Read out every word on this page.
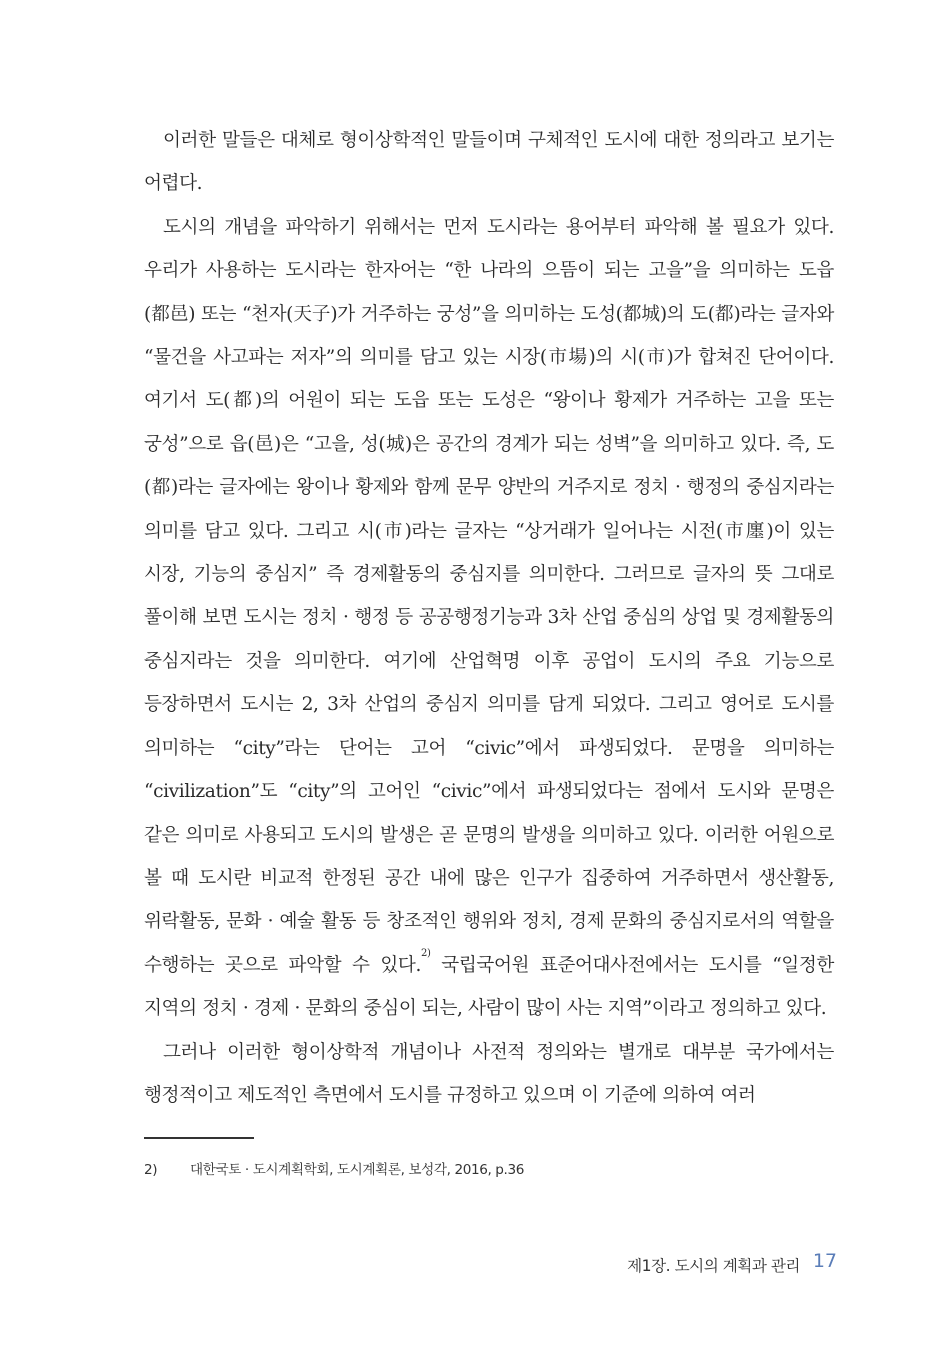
이러한 말들은 대체로 형이상학적인 말들이며 구체적인 도시에 대한 정의라고 보기는 어렵다.

도시의 개념을 파악하기 위해서는 먼저 도시라는 용어부터 파악해 볼 필요가 있다. 우리가 사용하는 도시라는 한자어는 “한 나라의 으뜸이 되는 고을”을 의미하는 도읍(都邑) 또는 “천자(天子)가 거주하는 궁성”을 의미하는 도성(都城)의 도(都)라는 글자와 “물건을 사고파는 저자”의 의미를 담고 있는 시장(市場)의 시(市)가 합쳐진 단어이다. 여기서 도(都)의 어원이 되는 도읍 또는 도성은 “왕이나 황제가 거주하는 고을 또는 궁성”으로 읍(邑)은 “고을, 성(城)은 공간의 경계가 되는 성벽”을 의미하고 있다. 즉, 도(都)라는 글자에는 왕이나 황제와 함께 문무 양반의 거주지로 정치 · 행정의 중심지라는 의미를 담고 있다. 그리고 시(市)라는 글자는 “상거래가 일어나는 시전(市廛)이 있는 시장, 기능의 중심지” 즉 경제활동의 중심지를 의미한다. 그러므로 글자의 뜻 그대로 풀이해 보면 도시는 정치 · 행정 등 공공행정기능과 3차 산업 중심의 상업 및 경제활동의 중심지라는 것을 의미한다. 여기에 산업혁명 이후 공업이 도시의 주요 기능으로 등장하면서 도시는 2, 3차 산업의 중심지 의미를 담게 되었다. 그리고 영어로 도시를 의미하는 “city”라는 단어는 고어 “civic”에서 파생되었다. 문명을 의미하는 “civilization”도 “city”의 고어인 “civic”에서 파생되었다는 점에서 도시와 문명은 같은 의미로 사용되고 도시의 발생은 곧 문명의 발생을 의미하고 있다. 이러한 어원으로 볼 때 도시란 비교적 한정된 공간 내에 많은 인구가 집중하여 거주하면서 생산활동, 위락활동, 문화 · 예술 활동 등 창조적인 행위와 정치, 경제 문화의 중심지로서의 역할을 수행하는 곳으로 파악할 수 있다.$^{2)}$ 국립국어원 표준어대사전에서는 도시를 “일정한 지역의 정치 · 경제 · 문화의 중심이 되는, 사람이 많이 사는 지역”이라고 정의하고 있다.

그러나 이러한 형이상학적 개념이나 사전적 정의와는 별개로 대부분 국가에서는 행정적이고 제도적인 측면에서 도시를 규정하고 있으며 이 기준에 의하여 여러

2) 대한국토 · 도시계획학회, 도시계획론, 보성각, 2016, p.36
제1장. 도시의 계획과 관리 17
